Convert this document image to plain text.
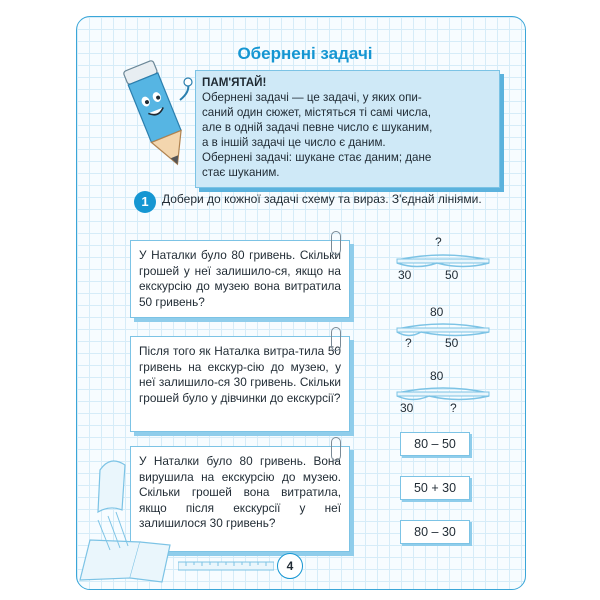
Обернені задачі
ПАМ'ЯТАЙ!
Обернені задачі — це задачі, у яких опи-
саний один сюжет, містяться ті самі числа,
але в одній задачі певне число є шуканим,
а в іншій задачі це число є даним.
Обернені задачі: шукане стає даним; дане
стає шуканим.
1	Добери до кожної задачі схему та вираз. З'єднай лініями.
У Наталки було 80 гривень. Скільки грошей у неї залишило-ся, якщо на екскурсію до музею вона витратила 50 гривень?
Після того як Наталка витра-тила 50 гривень на екскур-сію до музею, у неї залишило-ся 30 гривень. Скільки грошей було у дівчинки до екскурсії?
У Наталки було 80 гривень. Вона вирушила на екскурсію до музею. Скільки грошей вона витратила, якщо після екскурсії у неї залишилося 30 гривень?
?
30	50
80
?	50
80
30	?
80 – 50
50 + 30
80 – 30
4
